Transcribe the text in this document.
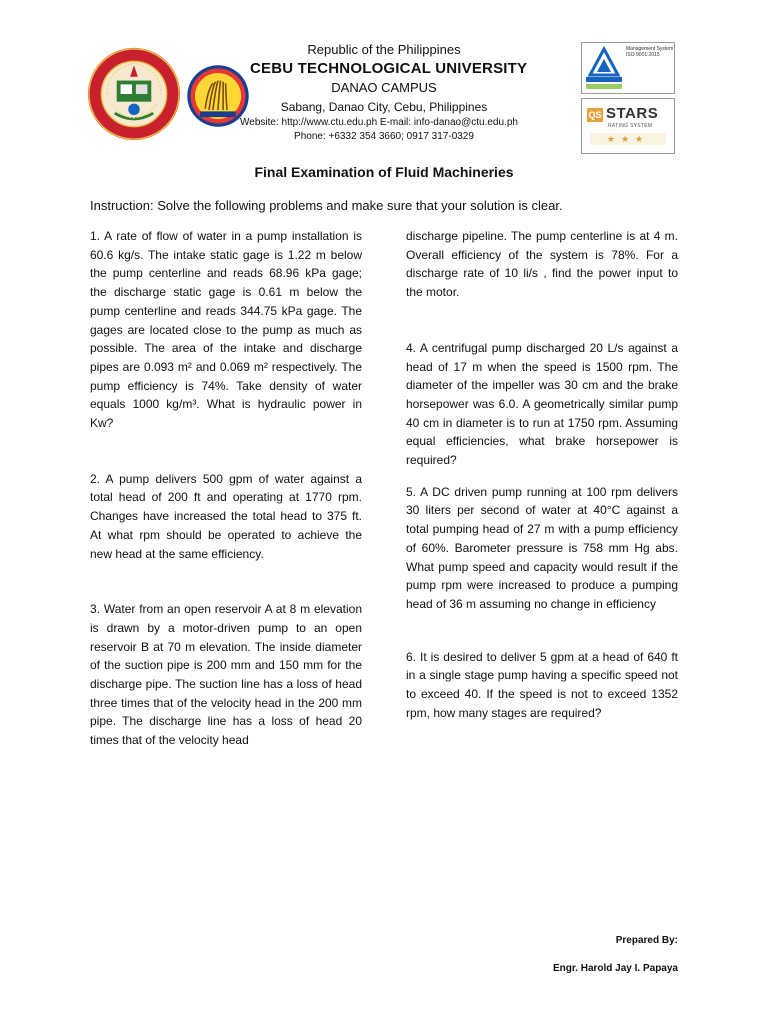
Republic of the Philippines
CEBU TECHNOLOGICAL UNIVERSITY
DANAO CAMPUS
Sabang, Danao City, Cebu, Philippines
Website: http://www.ctu.edu.ph E-mail: info-danao@ctu.edu.ph
Phone: +6332 354 3660; 0917 317-0329
Management System ISO 9001:2015
QS STARS
RATING SYSTEM
★★★
Final Examination of Fluid Machineries
Instruction: Solve the following problems and make sure that your solution is clear.

1. A rate of flow of water in a pump installation is 60.6 kg/s. The intake static gage is 1.22 m below the pump centerline and reads 68.96 kPa gage; the discharge static gage is 0.61 m below the pump centerline and reads 344.75 kPa gage. The gages are located close to the pump as much as possible. The area of the intake and discharge pipes are 0.093 m² and 0.069 m² respectively. The pump efficiency is 74%. Take density of water equals 1000 kg/m³. What is hydraulic power in Kw?

2. A pump delivers 500 gpm of water against a total head of 200 ft and operating at 1770 rpm. Changes have increased the total head to 375 ft. At what rpm should be operated to achieve the new head at the same efficiency.

3. Water from an open reservoir A at 8 m elevation is drawn by a motor-driven pump to an open reservoir B at 70 m elevation. The inside diameter of the suction pipe is 200 mm and 150 mm for the discharge pipe. The suction line has a loss of head three times that of the velocity head in the 200 mm pipe. The discharge line has a loss of head 20 times that of the velocity head

discharge pipeline. The pump centerline is at 4 m. Overall efficiency of the system is 78%. For a discharge rate of 10 li/s , find the power input to the motor.

4. A centrifugal pump discharged 20 L/s against a head of 17 m when the speed is 1500 rpm. The diameter of the impeller was 30 cm and the brake horsepower was 6.0. A geometrically similar pump 40 cm in diameter is to run at 1750 rpm. Assuming equal efficiencies, what brake horsepower is required?

5. A DC driven pump running at 100 rpm delivers 30 liters per second of water at 40°C against a total pumping head of 27 m with a pump efficiency of 60%. Barometer pressure is 758 mm Hg abs. What pump speed and capacity would result if the pump rpm were increased to produce a pumping head of 36 m assuming no change in efficiency

6. It is desired to deliver 5 gpm at a head of 640 ft in a single stage pump having a specific speed not to exceed 40. If the speed is not to exceed 1352 rpm, how many stages are required?

Prepared By:
Engr. Harold Jay I. Papaya
